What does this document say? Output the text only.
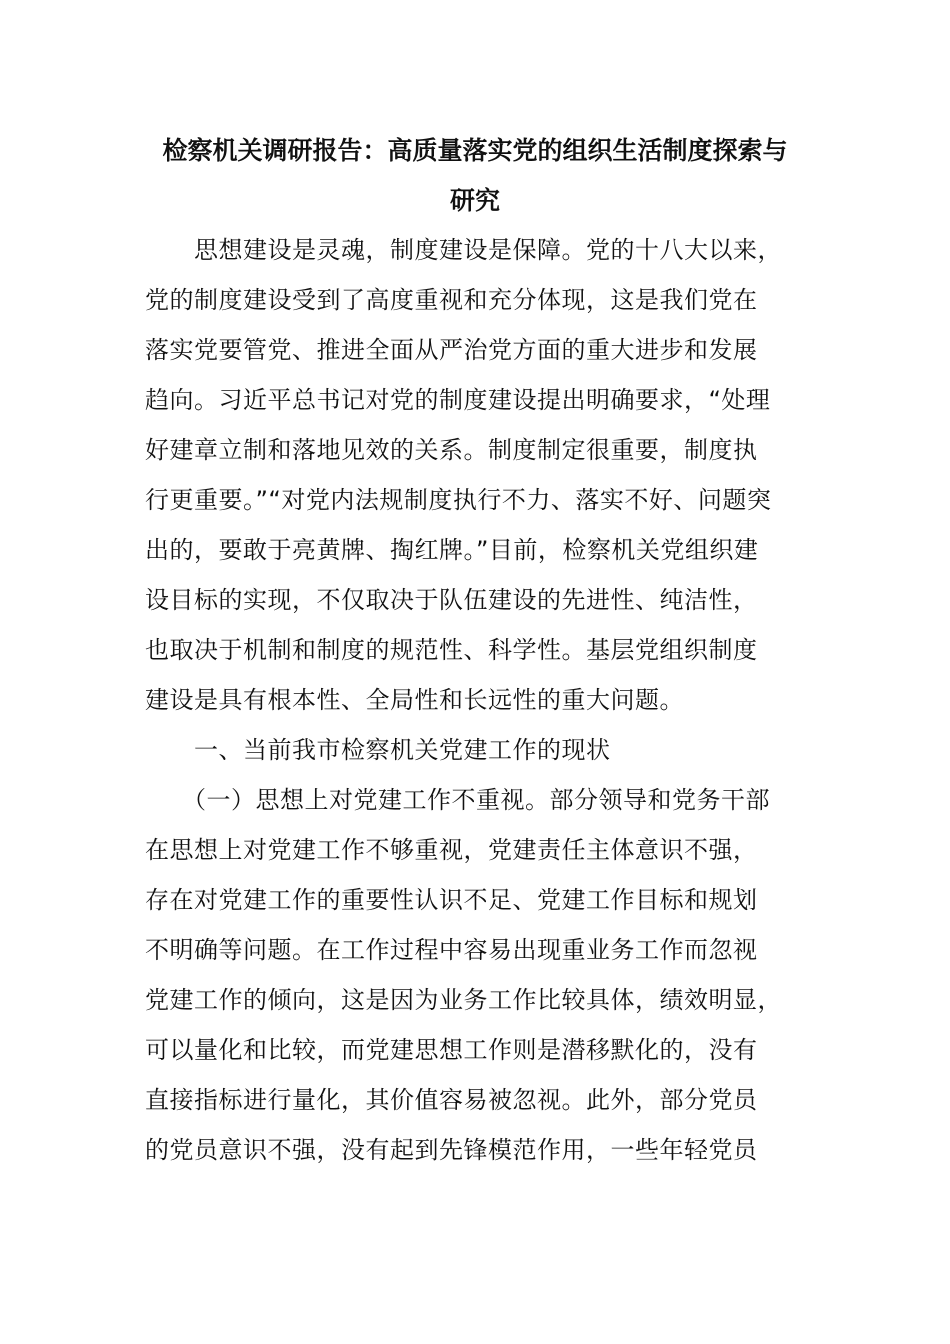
检察机关调研报告：高质量落实党的组织生活制度探索与
研究
　　思想建设是灵魂，制度建设是保障。党的十八大以来，
党的制度建设受到了高度重视和充分体现，这是我们党在
落实党要管党、推进全面从严治党方面的重大进步和发展
趋向。习近平总书记对党的制度建设提出明确要求，“处理
好建章立制和落地见效的关系。制度制定很重要，制度执
行更重要。”“对党内法规制度执行不力、落实不好、问题突
出的，要敢于亮黄牌、掏红牌。”目前，检察机关党组织建
设目标的实现，不仅取决于队伍建设的先进性、纯洁性，
也取决于机制和制度的规范性、科学性。基层党组织制度
建设是具有根本性、全局性和长远性的重大问题。
　　一、当前我市检察机关党建工作的现状
　　（一）思想上对党建工作不重视。部分领导和党务干部
在思想上对党建工作不够重视，党建责任主体意识不强，
存在对党建工作的重要性认识不足、党建工作目标和规划
不明确等问题。在工作过程中容易出现重业务工作而忽视
党建工作的倾向，这是因为业务工作比较具体，绩效明显，
可以量化和比较，而党建思想工作则是潜移默化的，没有
直接指标进行量化，其价值容易被忽视。此外，部分党员
的党员意识不强，没有起到先锋模范作用，一些年轻党员
